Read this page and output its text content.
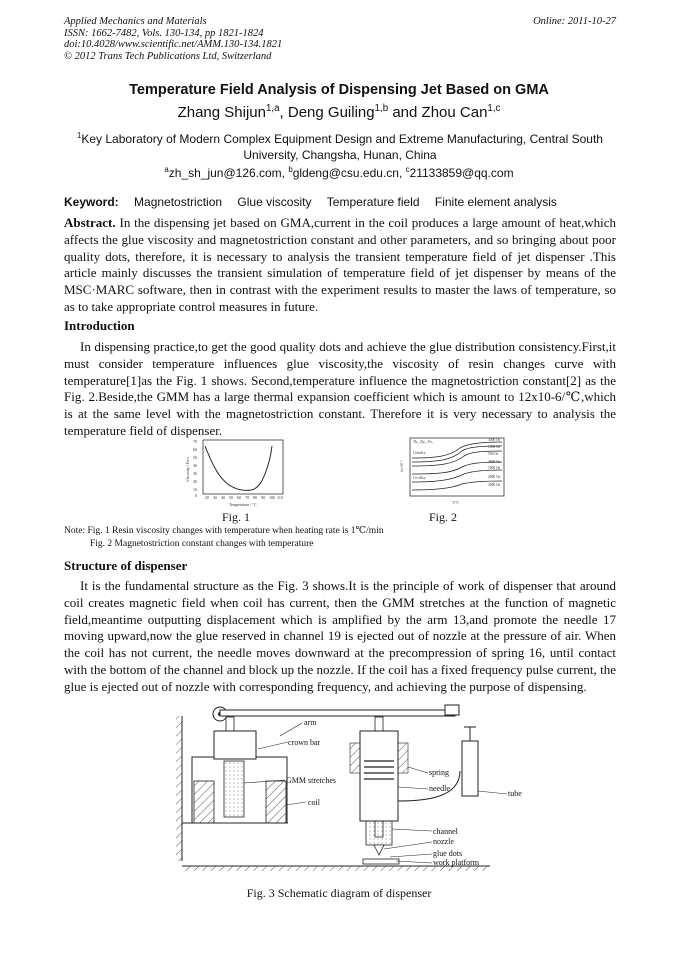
Applied Mechanics and Materials
ISSN: 1662-7482, Vols. 130-134, pp 1821-1824
doi:10.4028/www.scientific.net/AMM.130-134.1821
© 2012 Trans Tech Publications Ltd, Switzerland
Online: 2011-10-27
Temperature Field Analysis of Dispensing Jet Based on GMA
Zhang Shijun$^{1,a}$, Deng Guiling$^{1,b}$ and Zhou Can$^{1,c}$
$^1$Key Laboratory of Modern Complex Equipment Design and Extreme Manufacturing, Central South University, Changsha, Hunan, China
$^a$zh_sh_jun@126.com, $^b$gldeng@csu.edu.cn, $^c$21133859@qq.com
Keyword: Magnetostriction Glue viscosity Temperature field Finite element analysis
Abstract. In the dispensing jet based on GMA,current in the coil produces a large amount of heat,which affects the glue viscosity and magnetostriction constant and other parameters, and so bringing about poor quality dots, therefore, it is necessary to analysis the transient temperature field of jet dispenser .This article mainly discusses the transient simulation of temperature field of jet dispenser by means of the MSC·MARC software, then in contrast with the experiment results to master the laws of temperature, so as to take appropriate control measures in future.
Introduction
In dispensing practice,to get the good quality dots and achieve the glue distribution consistency.First,it must consider temperature influences glue viscosity,the viscosity of resin changes curve with temperature[1]as the Fig. 1 shows. Second,temperature influence the magnetostriction constant[2] as the Fig. 2.Beside,the GMM has a large thermal expansion coefficient which is amount to 12x10-6/℃,which is at the same level with the magnetostriction constant. Therefore it is very necessary to analysis the temperature field of dispenser.
70
60
50
40
30
20
10
0 20 30 40 50 60 70 80 90 100 110
Temperature / °C
Viscosity / Pa·s
Fig. 1
Tb₀.₃Dy₀.₇Fe₂	3000 Oe
1500 Oe
500 Oe
Cobalt-y
3000 Oe
1000 Oe
Co-alloy	2000 Oe
3000 Oe
T/°C
λs×10⁻⁶
Fig. 2
Note: Fig. 1 Resin viscosity changes with temperature when heating rate is 1℃/min
Fig. 2 Magnetostriction constant changes with temperature
Structure of dispenser
It is the fundamental structure as the Fig. 3 shows.It is the principle of work of dispenser that around coil creates magnetic field when coil has current, then the GMM stretches at the function of magnetic field,meantime outputting displacement which is amplified by the arm 13,and promote the needle 17 moving upward,now the glue reserved in channel 19 is ejected out of nozzle at the pressure of air. When the coil has not current, the needle moves downward at the precompression of spring 16, until contact with the bottom of the channel and block up the nozzle. If the coil has a fixed frequency pulse current, the glue is ejected out of nozzle with corresponding frequency, and achieving the purpose of dispensing.
arm
crown bar
GMM stretches
coil
spring
needle
tube
channel
nozzle
glue dots
work platform
Fig. 3 Schematic diagram of dispenser
